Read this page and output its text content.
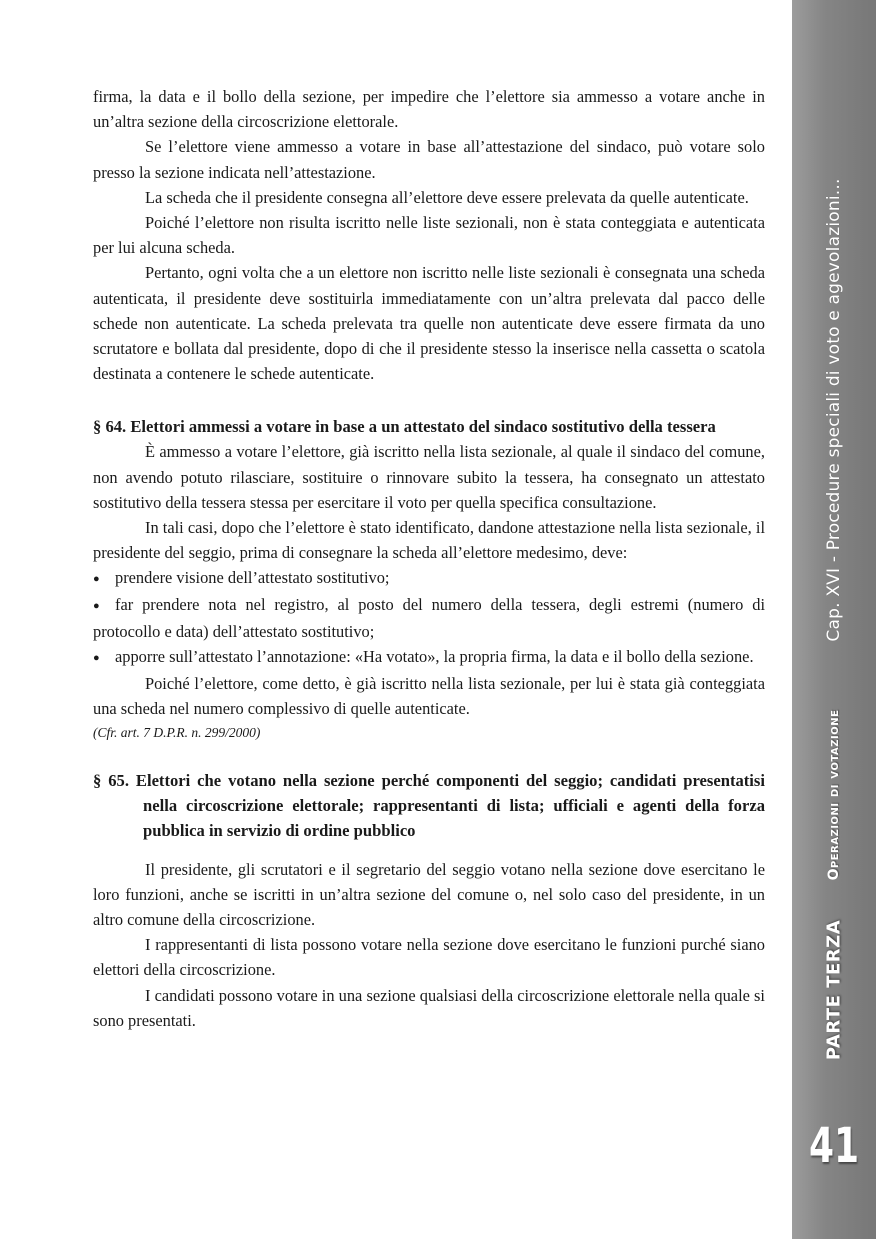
firma, la data e il bollo della sezione, per impedire che l’elettore sia ammesso a votare anche in un’altra sezione della circoscrizione elettorale.

Se l’elettore viene ammesso a votare in base all’attestazione del sindaco, può votare solo presso la sezione indicata nell’attestazione.

La scheda che il presidente consegna all’elettore deve essere prelevata da quelle autenticate.

Poiché l’elettore non risulta iscritto nelle liste sezionali, non è stata conteggiata e autenticata per lui alcuna scheda.

Pertanto, ogni volta che a un elettore non iscritto nelle liste sezionali è consegnata una scheda autenticata, il presidente deve sostituirla immediatamente con un’altra prelevata dal pacco delle schede non autenticate. La scheda prelevata tra quelle non autenticate deve essere firmata da uno scrutatore e bollata dal presidente, dopo di che il presidente stesso la inserisce nella cassetta o scatola destinata a contenere le schede autenticate.

§ 64. Elettori ammessi a votare in base a un attestato del sindaco sostitutivo della tessera

È ammesso a votare l’elettore, già iscritto nella lista sezionale, al quale il sindaco del comune, non avendo potuto rilasciare, sostituire o rinnovare subito la tessera, ha consegnato un attestato sostitutivo della tessera stessa per esercitare il voto per quella specifica consultazione.

In tali casi, dopo che l’elettore è stato identificato, dandone attestazione nella lista sezionale, il presidente del seggio, prima di consegnare la scheda all’elettore medesimo, deve:

● prendere visione dell’attestato sostitutivo;
● far prendere nota nel registro, al posto del numero della tessera, degli estremi (numero di protocollo e data) dell’attestato sostitutivo;
● apporre sull’attestato l’annotazione: «Ha votato», la propria firma, la data e il bollo della sezione.

Poiché l’elettore, come detto, è già iscritto nella lista sezionale, per lui è stata già conteggiata una scheda nel numero complessivo di quelle autenticate.

(Cfr. art. 7 D.P.R. n. 299/2000)

§ 65. Elettori che votano nella sezione perché componenti del seggio; candidati presentatisi nella circoscrizione elettorale; rappresentanti di lista; ufficiali e agenti della forza pubblica in servizio di ordine pubblico

Il presidente, gli scrutatori e il segretario del seggio votano nella sezione dove esercitano le loro funzioni, anche se iscritti in un’altra sezione del comune o, nel solo caso del presidente, in un altro comune della circoscrizione.

I rappresentanti di lista possono votare nella sezione dove esercitano le funzioni purché siano elettori della circoscrizione.

I candidati possono votare in una sezione qualsiasi della circoscrizione elettorale nella quale si sono presentati.

Cap. XVI - Procedure speciali di voto e agevolazioni...
Operazioni di votazione
PARTE TERZA
41
